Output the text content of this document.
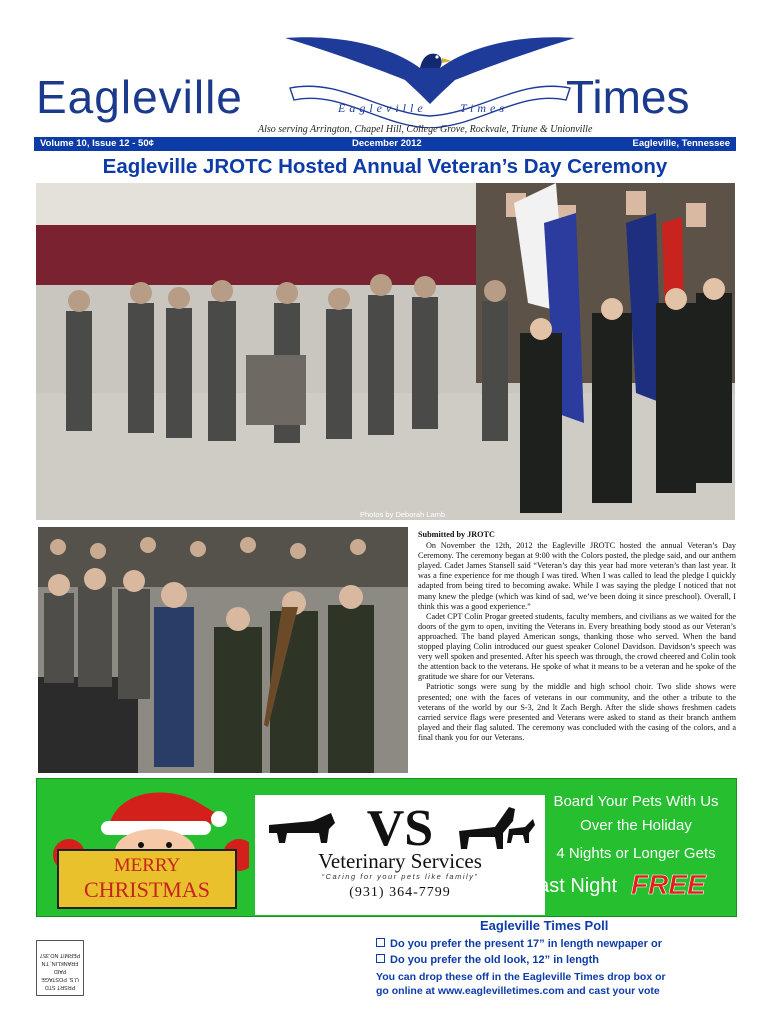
Eagleville	Eagleville	Times Times
Also serving Arrington, Chapel Hill, College Grove, Rockvale, Triune & Unionville
Volume 10, Issue 12 - 50¢	December 2012	Eagleville, Tennessee
Eagleville JROTC Hosted Annual Veteran’s Day Ceremony
Photos by Deborah Lamb
Submitted by JROTC

On November the 12th, 2012 the Eagleville JROTC hosted the annual Veteran’s Day Ceremony. The ceremony began at 9:00 with the Colors posted, the pledge said, and our anthem played. Cadet James Stansell said “Veteran’s day this year had more veteran’s than last year. It was a fine experience for me though I was tired. When I was called to lead the pledge I quickly adapted from being tired to becoming awake. While I was saying the pledge I noticed that not many knew the pledge (which was kind of sad, we’ve been doing it since preschool). Overall, I think this was a good experience.”

Cadet CPT Colin Progar greeted students, faculty members, and civilians as we waited for the doors of the gym to open, inviting the Veterans in. Every breathing body stood as our Veteran’s approached. The band played American songs, thanking those who served. When the band stopped playing Colin introduced our guest speaker Colonel Davidson. Davidson’s speech was very well spoken and presented. After his speech was through, the crowd cheered and Colin took the attention back to the veterans. He spoke of what it means to be a veteran and he spoke of the gratitude we share for our Veterans.

Patriotic songs were sung by the middle and high school choir. Two slide shows were presented; one with the faces of veterans in our community, and the other a tribute to the veterans of the world by our S-3, 2nd lt Zach Bergh. After the slide shows freshmen cadets carried service flags were presented and Veterans were asked to stand as their branch anthem played and their flag saluted. The ceremony was concluded with the casing of the colors, and a final thank you for our Veterans.

MERRY
CHRISTMAS
VS
Veterinary Services
“Caring for your pets like family”
(931) 364-7799
Board Your Pets With Us
Over the Holiday
4 Nights or Longer Gets
Last Night FREE
Eagleville Times Poll
Do you prefer the present 17” in length newpaper or
Do you prefer the old look, 12” in length
You can drop these off in the Eagleville Times drop box or
go online at www.eaglevilletimes.com and cast your vote
PRSRT STD
U.S. POSTAGE
PAID
FRANKLIN, TN
PERMIT NO.357
